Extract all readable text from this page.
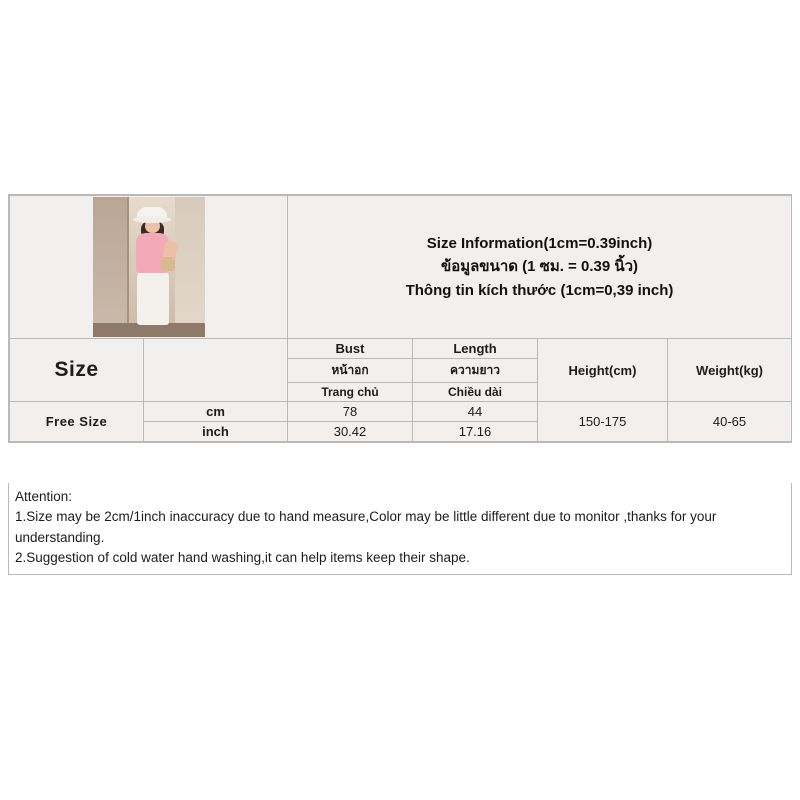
		Size Information(1cm=0.39inch)
ข้อมูลขนาด (1 ซม. = 0.39 นิ้ว)
Thông tin kích thước (1cm=0,39 inch)			

Size		Bust	Length	Height(cm)	Weight(kg)
		หน้าอก	ความยาว		
		Trang chủ	Chiều dài		
Free Size	cm	78	44	150-175	40-65
	inch	30.42	17.16		

Attention:

1.Size may be 2cm/1inch inaccuracy due to hand measure,Color may be little different due to monitor ,thanks for your understanding.

2.Suggestion of cold water hand washing,it can help items keep their shape.
